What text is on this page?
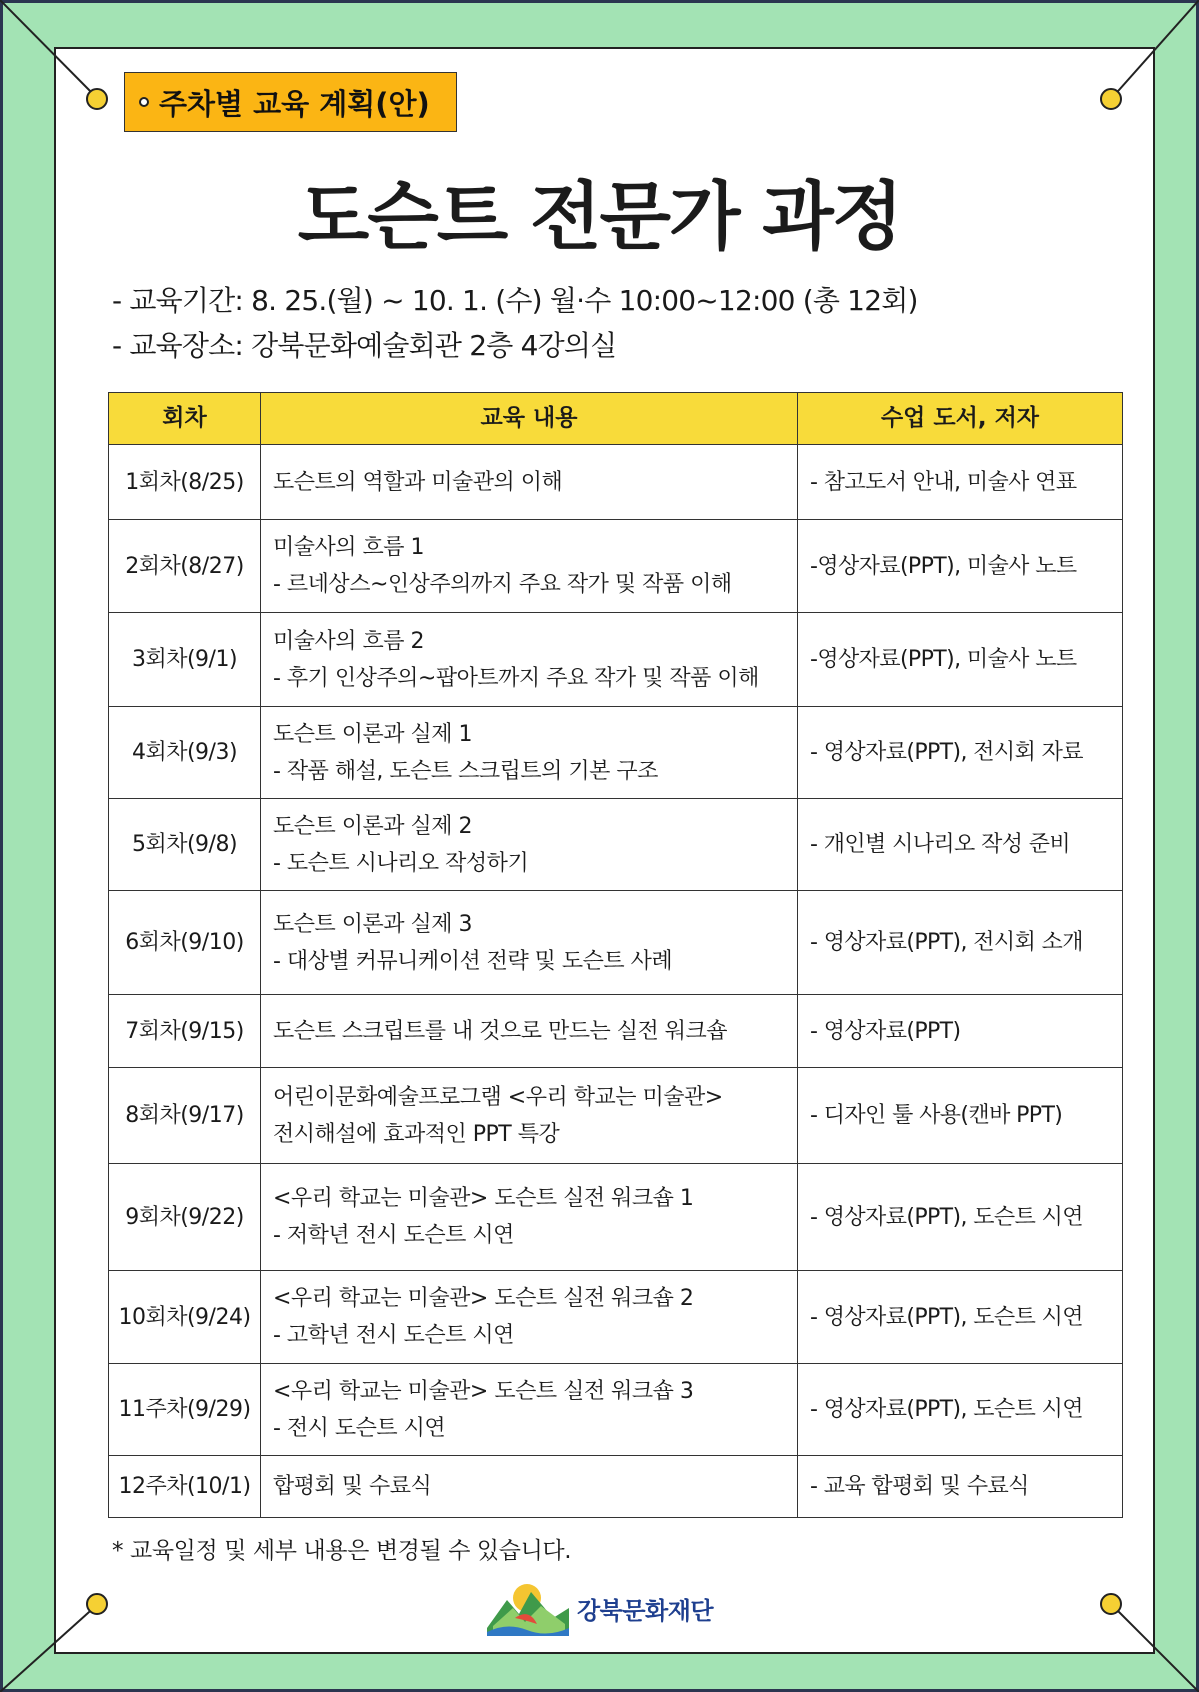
주차별 교육 계획(안)
도슨트 전문가 과정
- 교육기간: 8. 25.(월) ~ 10. 1. (수) 월·수 10:00~12:00 (총 12회)
- 교육장소: 강북문화예술회관 2층 4강의실
회차	교육 내용	수업 도서, 저자
1회차(8/25)	도슨트의 역할과 미술관의 이해	- 참고도서 안내, 미술사 연표
2회차(8/27)	미술사의 흐름 1
- 르네상스~인상주의까지 주요 작가 및 작품 이해	-영상자료(PPT), 미술사 노트
3회차(9/1)	미술사의 흐름 2
- 후기 인상주의~팝아트까지 주요 작가 및 작품 이해	-영상자료(PPT), 미술사 노트
4회차(9/3)	도슨트 이론과 실제 1
- 작품 해설, 도슨트 스크립트의 기본 구조	- 영상자료(PPT), 전시회 자료
5회차(9/8)	도슨트 이론과 실제 2
- 도슨트 시나리오 작성하기	- 개인별 시나리오 작성 준비
6회차(9/10)	도슨트 이론과 실제 3
- 대상별 커뮤니케이션 전략 및 도슨트 사례	- 영상자료(PPT), 전시회 소개
7회차(9/15)	도슨트 스크립트를 내 것으로 만드는 실전 워크숍	- 영상자료(PPT)
8회차(9/17)	어린이문화예술프로그램 <우리 학교는 미술관>
전시해설에 효과적인 PPT 특강	- 디자인 툴 사용(캔바 PPT)
9회차(9/22)	<우리 학교는 미술관> 도슨트 실전 워크숍 1
- 저학년 전시 도슨트 시연	- 영상자료(PPT), 도슨트 시연
10회차(9/24)	<우리 학교는 미술관> 도슨트 실전 워크숍 2
- 고학년 전시 도슨트 시연	- 영상자료(PPT), 도슨트 시연
11주차(9/29)	<우리 학교는 미술관> 도슨트 실전 워크숍 3
- 전시 도슨트 시연	- 영상자료(PPT), 도슨트 시연
12주차(10/1)	합평회 및 수료식	- 교육 합평회 및 수료식
* 교육일정 및 세부 내용은 변경될 수 있습니다.
강북문화재단
